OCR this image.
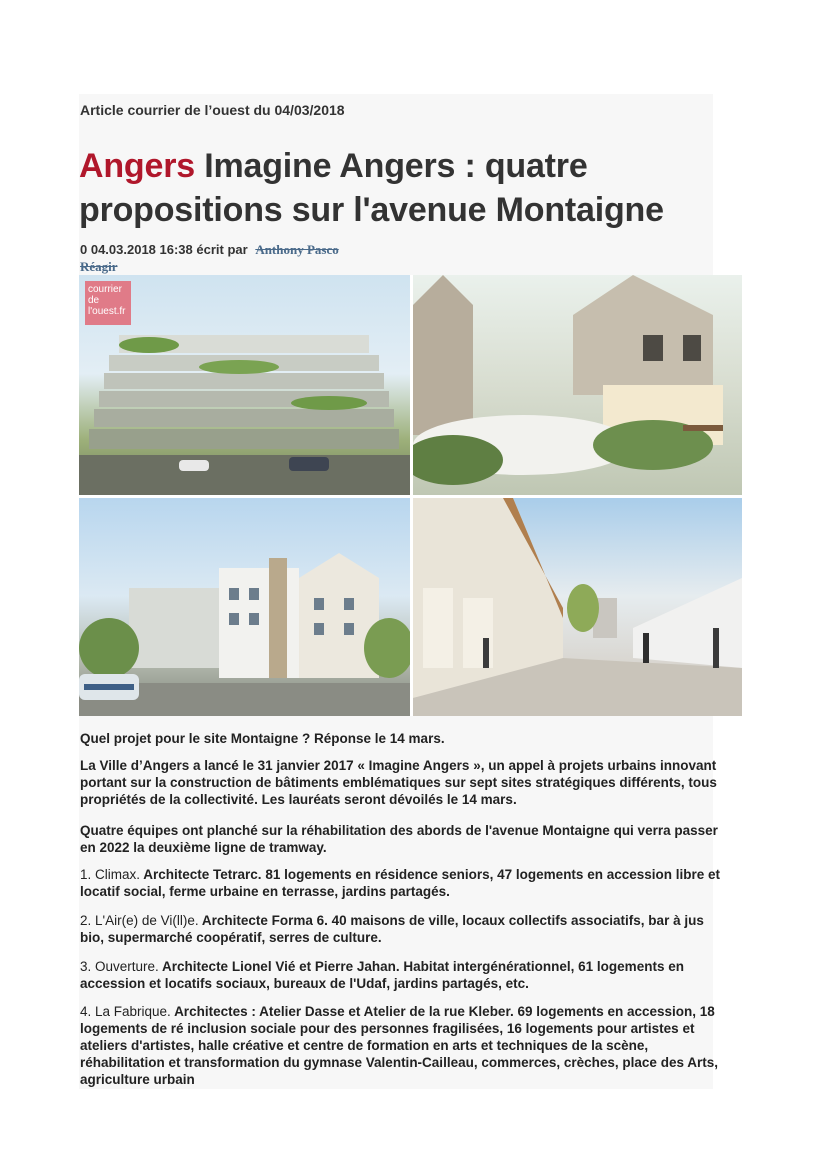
Article courrier de l’ouest du 04/03/2018
Angers Imagine Angers : quatre propositions sur l'avenue Montaigne
0 04.03.2018 16:38 écrit par Anthony Pasco
Réagir
courrier de l'ouest.fr
Quel projet pour le site Montaigne ? Réponse le 14 mars.
La Ville d’Angers a lancé le 31 janvier 2017 « Imagine Angers », un appel à projets urbains innovant portant sur la construction de bâtiments emblématiques sur sept sites stratégiques différents, tous propriétés de la collectivité. Les lauréats seront dévoilés le 14 mars.
Quatre équipes ont planché sur la réhabilitation des abords de l'avenue Montaigne qui verra passer en 2022 la deuxième ligne de tramway.
1. Climax. Architecte Tetrarc. 81 logements en résidence seniors, 47 logements en accession libre et locatif social, ferme urbaine en terrasse, jardins partagés.
2. L'Air(e) de Vi(ll)e. Architecte Forma 6. 40 maisons de ville, locaux collectifs associatifs, bar à jus bio, supermarché coopératif, serres de culture.
3. Ouverture. Architecte Lionel Vié et Pierre Jahan. Habitat intergénérationnel, 61 logements en accession et locatifs sociaux, bureaux de l'Udaf, jardins partagés, etc.
4. La Fabrique. Architectes : Atelier Dasse et Atelier de la rue Kleber. 69 logements en accession, 18 logements de ré inclusion sociale pour des personnes fragilisées, 16 logements pour artistes et ateliers d'artistes, halle créative et centre de formation en arts et techniques de la scène, réhabilitation et transformation du gymnase Valentin-Cailleau, commerces, crèches, place des Arts, agriculture urbain
